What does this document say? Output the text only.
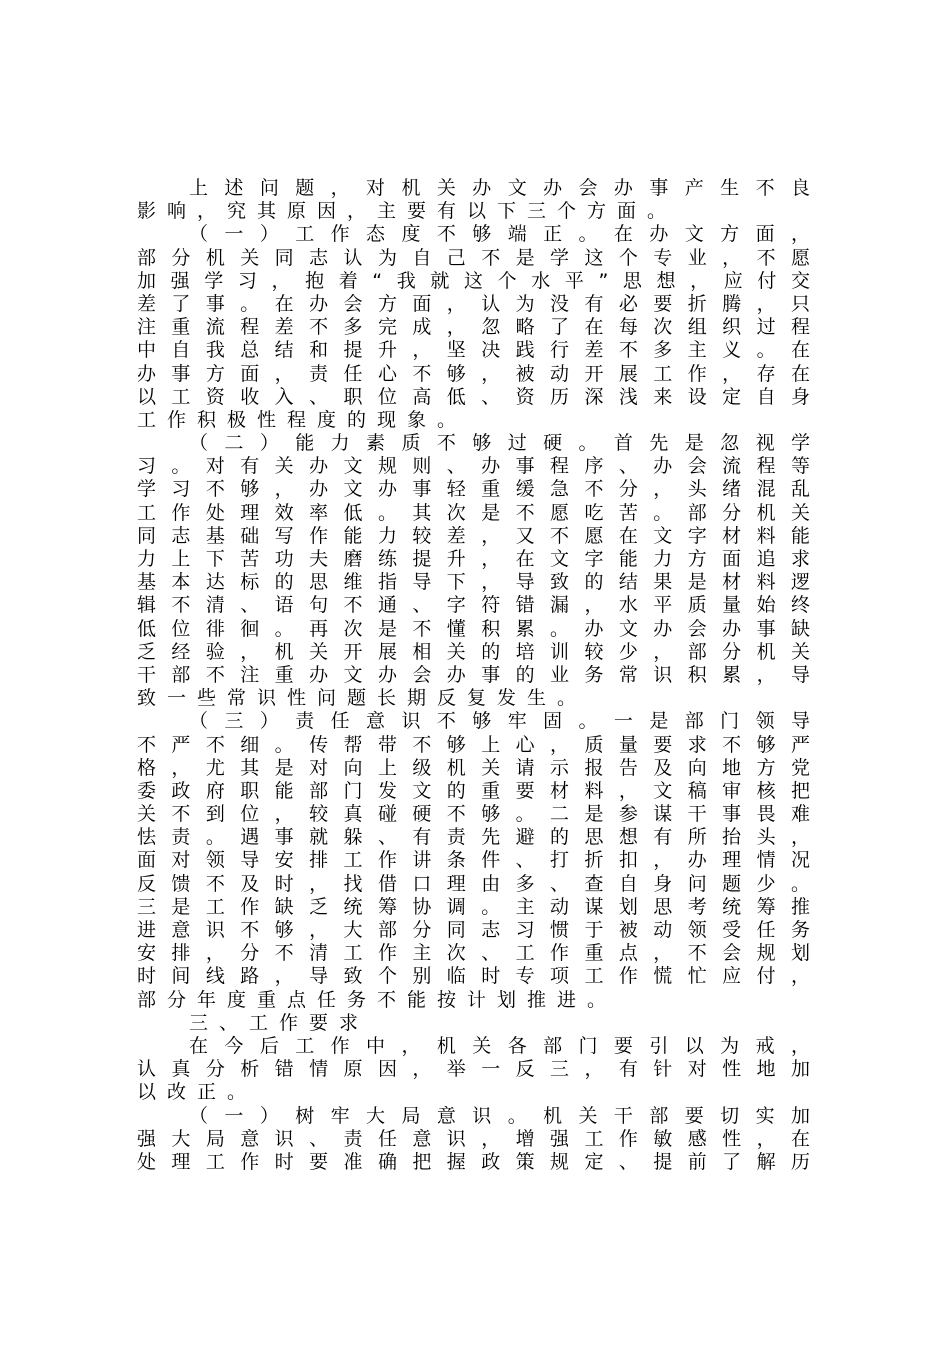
上述问题，对机关办文办会办事产生不良
影响，究其原因，主要有以下三个方面。
（一）工作态度不够端正。在办文方面，
部分机关同志认为自己不是学这个专业，不愿
加强学习，抱着“我就这个水平”思想，应付交
差了事。在办会方面，认为没有必要折腾，只
注重流程差不多完成，忽略了在每次组织过程
中自我总结和提升，坚决践行差不多主义。在
办事方面，责任心不够，被动开展工作，存在
以工资收入、职位高低、资历深浅来设定自身
工作积极性程度的现象。
（二）能力素质不够过硬。首先是忽视学
习。对有关办文规则、办事程序、办会流程等
学习不够，办文办事轻重缓急不分，头绪混乱
工作处理效率低。其次是不愿吃苦。部分机关
同志基础写作能力较差，又不愿在文字材料能
力上下苦功夫磨练提升，在文字能力方面追求
基本达标的思维指导下，导致的结果是材料逻
辑不清、语句不通、字符错漏，水平质量始终
低位徘徊。再次是不懂积累。办文办会办事缺
乏经验，机关开展相关的培训较少，部分机关
干部不注重办文办会办事的业务常识积累，导
致一些常识性问题长期反复发生。
（三）责任意识不够牢固。一是部门领导
不严不细。传帮带不够上心，质量要求不够严
格，尤其是对向上级机关请示报告及向地方党
委政府职能部门发文的重要材料，文稿审核把
关不到位，较真碰硬不够。二是参谋干事畏难
怯责。遇事就躲、有责先避的思想有所抬头，
面对领导安排工作讲条件、打折扣，办理情况
反馈不及时，找借口理由多、查自身问题少。
三是工作缺乏统筹协调。主动谋划思考统筹推
进意识不够，大部分同志习惯于被动领受任务
安排，分不清工作主次、工作重点，不会规划
时间线路，导致个别临时专项工作慌忙应付，
部分年度重点任务不能按计划推进。
三、工作要求
在今后工作中，机关各部门要引以为戒，
认真分析错情原因，举一反三，有针对性地加
以改正。
（一）树牢大局意识。机关干部要切实加
强大局意识、责任意识，增强工作敏感性，在
处理工作时要准确把握政策规定、提前了解历
